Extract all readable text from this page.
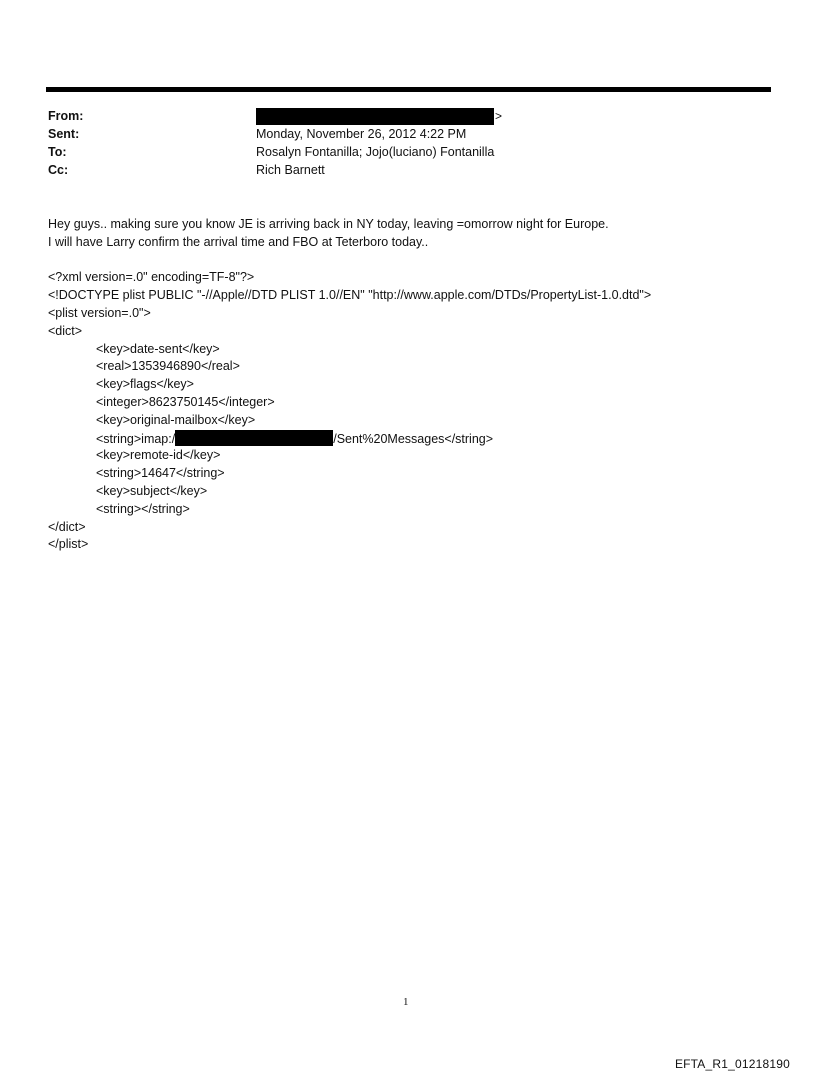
From:	>
Sent:	Monday, November 26, 2012 4:22 PM
To:	Rosalyn Fontanilla; Jojo(luciano) Fontanilla
Cc:	Rich Barnett
Hey guys.. making sure you know JE is arriving back in NY today, leaving =omorrow night for Europe.
I will have Larry confirm the arrival time and FBO at Teterboro today..
<?xml version=.0" encoding=TF-8"?>
<!DOCTYPE plist PUBLIC "-//Apple//DTD PLIST 1.0//EN" "http://www.apple.com/DTDs/PropertyList-1.0.dtd">
<plist version=.0">
<dict>
<key>date-sent</key>
<real>1353946890</real>
<key>flags</key>
<integer>8623750145</integer>
<key>original-mailbox</key>
<string>imap:/	/Sent%20Messages</string>
<key>remote-id</key>
<string>14647</string>
<key>subject</key>
<string></string>
</dict>
</plist>
1
EFTA_R1_01218190
